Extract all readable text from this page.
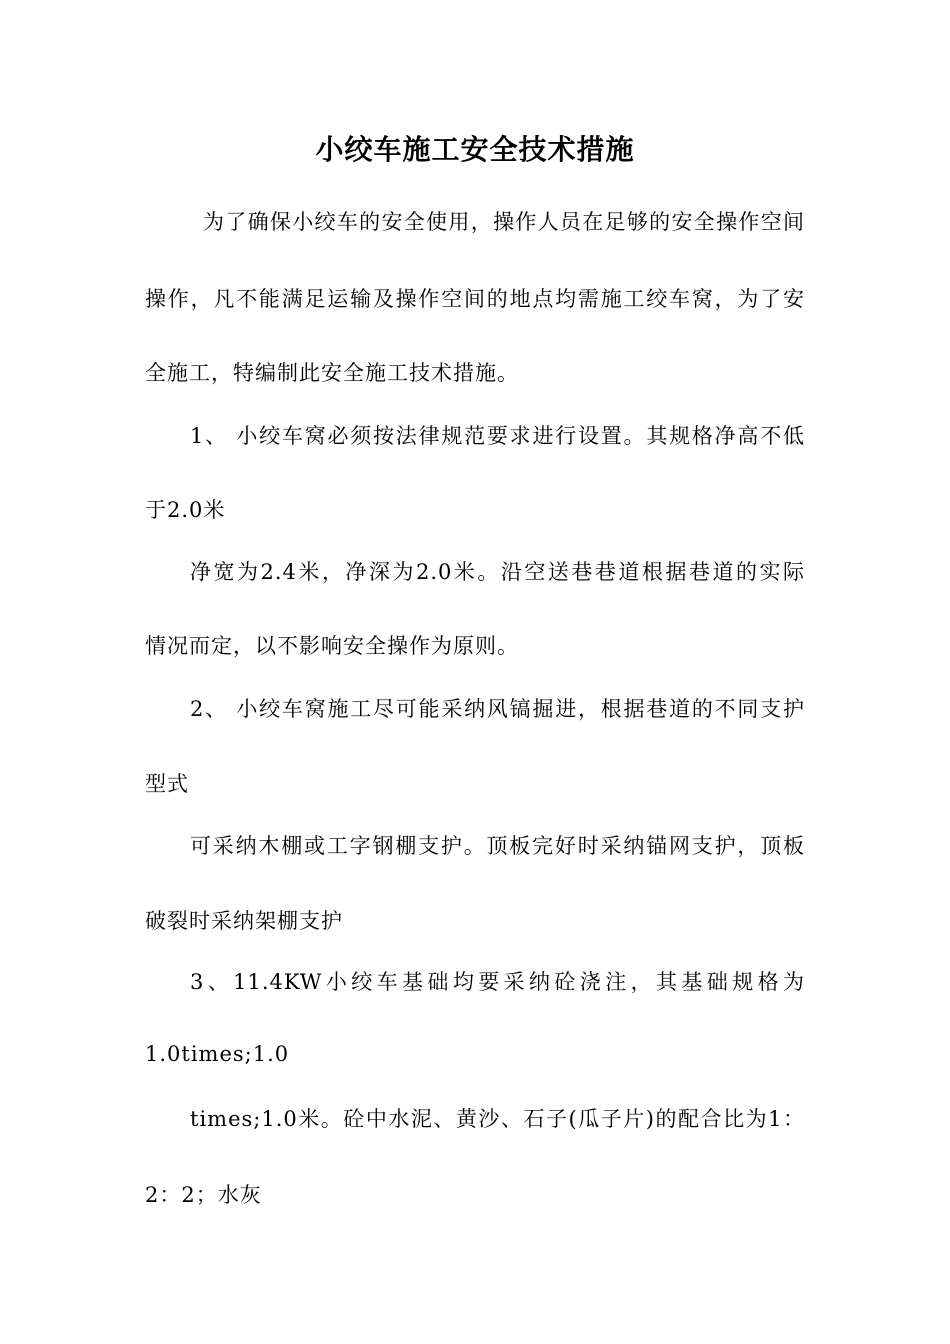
小绞车施工安全技术措施
为了确保小绞车的安全使用，操作人员在足够的安全操作空间
操作，凡不能满足运输及操作空间的地点均需施工绞车窝，为了安
全施工，特编制此安全施工技术措施。
1、 小绞车窝必须按法律规范要求进行设置。其规格净高不低
于2.0米
净宽为2.4米，净深为2.0米。沿空送巷巷道根据巷道的实际
情况而定，以不影响安全操作为原则。
2、 小绞车窝施工尽可能采纳风镐掘进，根据巷道的不同支护
型式
可采纳木棚或工字钢棚支护。顶板完好时采纳锚网支护，顶板
破裂时采纳架棚支护
3、11.4KW小绞车基础均要采纳砼浇注，其基础规格为
1.0times;1.0
times;1.0米。砼中水泥、黄沙、石子(瓜子片)的配合比为1：
2：2；水灰
